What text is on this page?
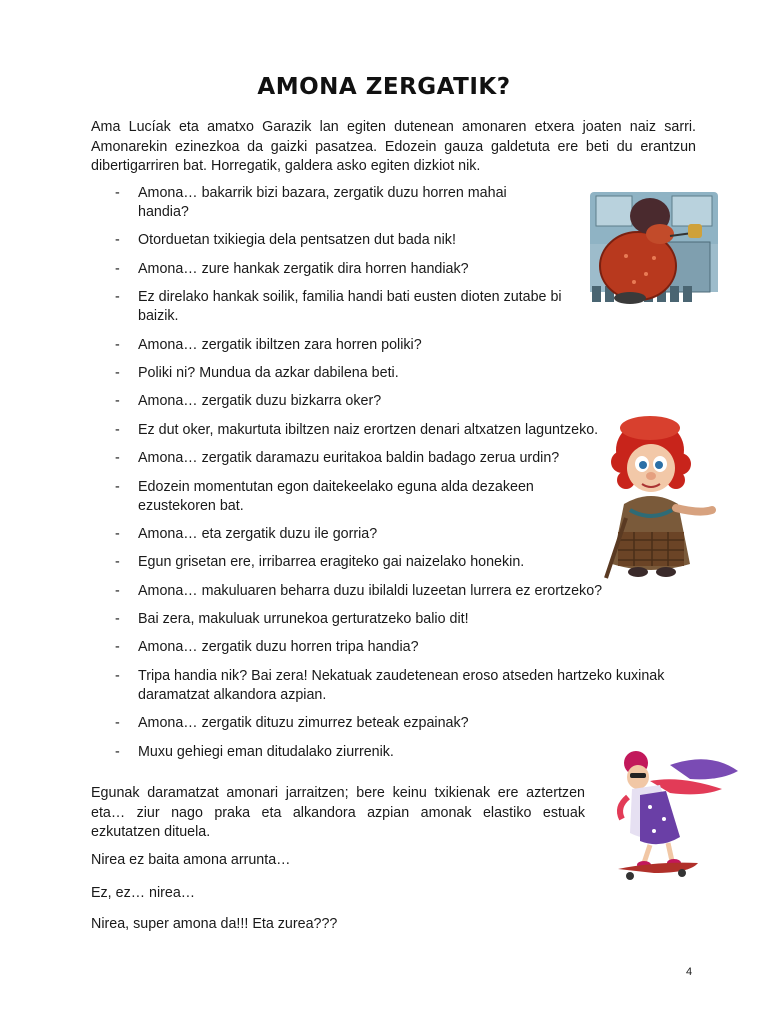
AMONA ZERGATIK?

Ama Lucíak eta amatxo Garazik lan egiten dutenean amonaren etxera joaten naiz sarri. Amonarekin ezinezkoa da gaizki pasatzea. Edozein gauza galdetuta ere beti du erantzun dibertigarriren bat. Horregatik, galdera asko egiten dizkiot nik.

- Amona… bakarrik bizi bazara, zergatik duzu horren mahai handia?
- Otorduetan txikiegia dela pentsatzen dut bada nik!
- Amona… zure hankak zergatik dira horren handiak?
- Ez direlako hankak soilik, familia handi bati eusten dioten zutabe bi baizik.
- Amona… zergatik ibiltzen zara horren poliki?
- Poliki ni? Mundua da azkar dabilena beti.
- Amona… zergatik duzu bizkarra oker?
- Ez dut oker, makurtuta ibiltzen naiz erortzen denari altxatzen laguntzeko.
- Amona… zergatik daramazu euritakoa baldin badago zerua urdin?
- Edozein momentutan egon daitekeelako eguna alda dezakeen ezustekoren bat.
- Amona… eta zergatik duzu ile gorria?
- Egun grisetan ere, irribarrea eragiteko gai naizelako honekin.
- Amona… makuluaren beharra duzu ibilaldi luzeetan lurrera ez erortzeko?
- Bai zera, makuluak urrunekoa gerturatzeko balio dit!
- Amona… zergatik duzu horren tripa handia?
- Tripa handia nik? Bai zera! Nekatuak zaudetenean eroso atseden hartzeko kuxinak daramatzat alkandora azpian.
- Amona… zergatik dituzu zimurrez beteak ezpainak?
- Muxu gehiegi eman ditudalako ziurrenik.

Egunak daramatzat amonari jarraitzen; bere keinu txikienak ere aztertzen eta… ziur nago praka eta alkandora azpian amonak elastiko estuak ezkutatzen dituela.

Nirea ez baita amona arrunta…

Ez, ez… nirea…

Nirea, super amona da!!! Eta zurea???

4
